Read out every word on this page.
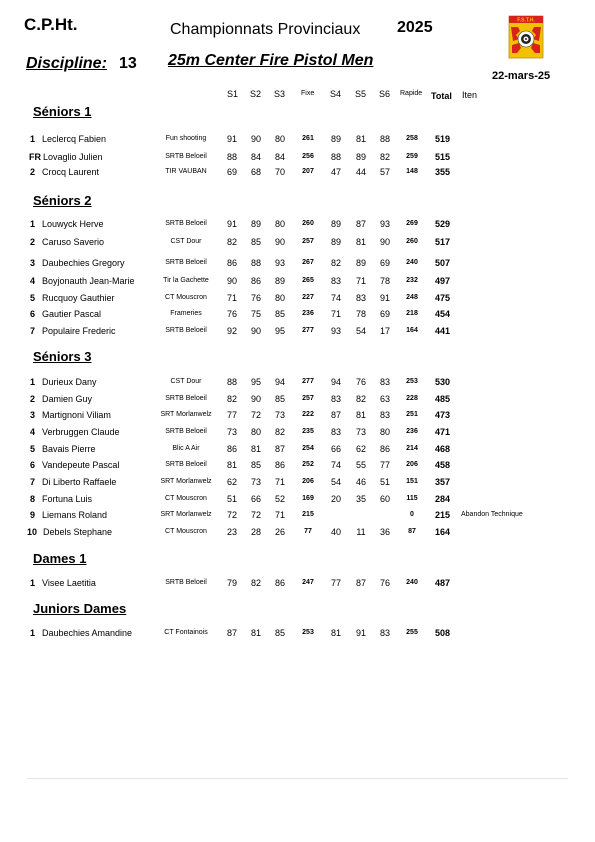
C.P.Ht.	Championnats Provinciaux 2025
Discipline: 13 25m Center Fire Pistol Men
22-mars-25
F.S.T.H.
S1 S2 S3 Fixe S4 S5 S6 Rapide Total Iten
Séniors 1
1 Leclercq Fabien	Fun shooting 91 90 80 261 89 81 88 258 519
FR Lovaglio Julien	SRTB Beloeil 88 84 84 256 88 89 82 259 515
2 Crocq Laurent	TIR VAUBAN 69 68 70 207 47 44 57 148 355
Séniors 2
1 Louwyck Herve	SRTB Beloeil 91 89 80 260 89 87 93 269 529
2 Caruso Saverio	CST Dour	82 85 90 257 89 81 90 260 517
3 Daubechies Gregory	SRTB Beloeil 86 88 93 267 82 89 69 240 507
4 Boyjonauth Jean-Marie	Tir la Gachette 90 86 89 265 83 71 78 232 497
5 Rucquoy Gauthier	CT Mouscron 71 76 80 227 74 83 91 248 475
6 Gautier Pascal	Frameries	76 75 85 236 71 78 69 218 454
7 Populaire Frederic	SRTB Beloeil 92 90 95 277 93 54 17 164 441
Séniors 3
1 Durieux Dany	CST Dour	88 95 94 277 94 76 83 253 530
2 Damien Guy	SRTB Beloeil 82 90 85 257 83 82 63 228 485
3 Martignoni Viliam	SRT Morlanwelz 77 72 73 222 87 81 83 251 473
4 Verbruggen Claude	SRTB Beloeil 73 80 82 235 83 73 80 236 471
5 Bavais Pierre	Blic A Air	86 81 87 254 66 62 86 214 468
6 Vandepeute Pascal	SRTB Beloeil 81 85 86 252 74 55 77 206 458
7 Di Liberto Raffaele	SRT Morlanwelz 62 73 71 206 54 46 51 151 357
8 Fortuna Luis	CT Mouscron 51 66 52 169 20 35 60 115 284
9 Liemans Roland	SRT Morlanwelz 72 72 71 215	0 215 Abandon Technique
10 Debels Stephane	CT Mouscron 23 28 26	77 40 11 36	87 164
Dames 1
1 Visee Laetitia	SRTB Beloeil 79 82 86 247 77 87 76 240 487
Juniors Dames
1 Daubechies Amandine	CT Fontainois 87 81 85 253 81 91 83 255 508
